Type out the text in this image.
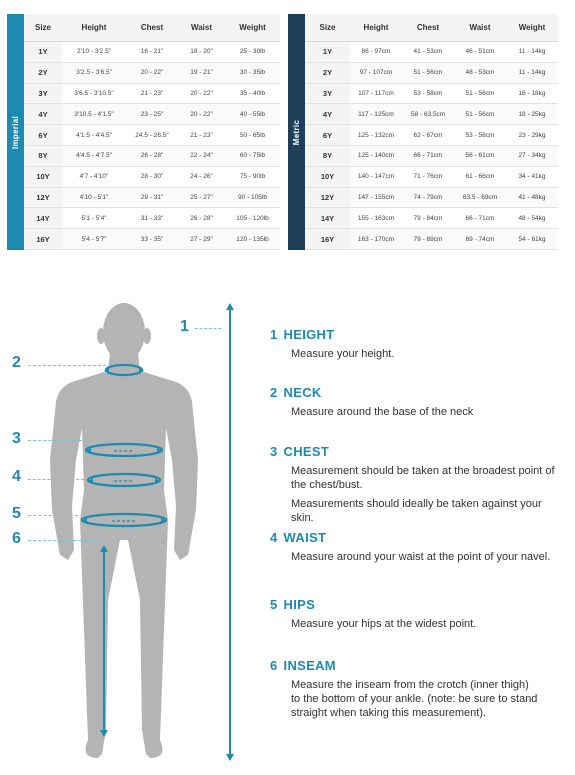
Imperial
Size	Height	Chest	Waist	Weight
1Y	2'10 - 3'2.5"	16 - 21"	18 - 20"	25 - 30lb
2Y	3'2.5 - 3'6.5"	20 - 22"	19 - 21"	30 - 35lb
3Y	3'6.5 - 3'10.5"	21 - 23"	20 - 22"	35 - 40lb
4Y	3'10.5 - 4'1.5"	23 - 25"	20 - 22"	40 - 55lb
6Y	4'1.5 - 4'4.5"	24.5 - 26.5"	21 - 23"	50 - 65lb
8Y	4'4.5 - 4'7.5"	26 - 28"	22 - 24"	60 - 75lb
10Y	4'7 - 4'10"	28 - 30"	24 - 26"	75 - 90lb
12Y	4'10 - 5'1"	29 - 31"	25 - 27"	90 - 105lb
14Y	5'1 - 5'4"	31 - 33"	26 - 28"	105 - 120lb
16Y	5'4 - 5'7"	33 - 35"	27 - 29"	120 - 135lb
Metric
Size	Height	Chest	Waist	Weight
1Y	86 - 97cm	41 - 53cm	46 - 51cm	11 - 14kg
2Y	97 - 107cm	51 - 56cm	48 - 53cm	11 - 14kg
3Y	107 - 117cm	53 - 58cm	51 - 56cm	16 - 18kg
4Y	117 - 125cm	58 - 63.5cm	51 - 56cm	18 - 25kg
6Y	125 - 132cm	62 - 67cm	53 - 58cm	23 - 29kg
8Y	125 - 140cm	66 - 71cm	56 - 61cm	27 - 34kg
10Y	140 - 147cm	71 - 76cm	61 - 66cm	34 - 41kg
12Y	147 - 155cm	74 - 79cm	63.5 - 69cm	41 - 48kg
14Y	155 - 163cm	79 - 84cm	66 - 71cm	48 - 54kg
16Y	163 - 170cm	79 - 89cm	69 - 74cm	54 - 61kg
1
2
3
4
5
6
1 HEIGHT

Measure your height.

2 NECK

Measure around the base of the neck

3 CHEST

Measurement should be taken at the broadest point of the chest/bust.

Measurements should ideally be taken against your skin.

4 WAIST

Measure around your waist at the point of your navel.

5 HIPS

Measure your hips at the widest point.

6 INSEAM

Measure the inseam from the crotch (inner thigh) to the bottom of your ankle. (note: be sure to stand straight when taking this measurement).
